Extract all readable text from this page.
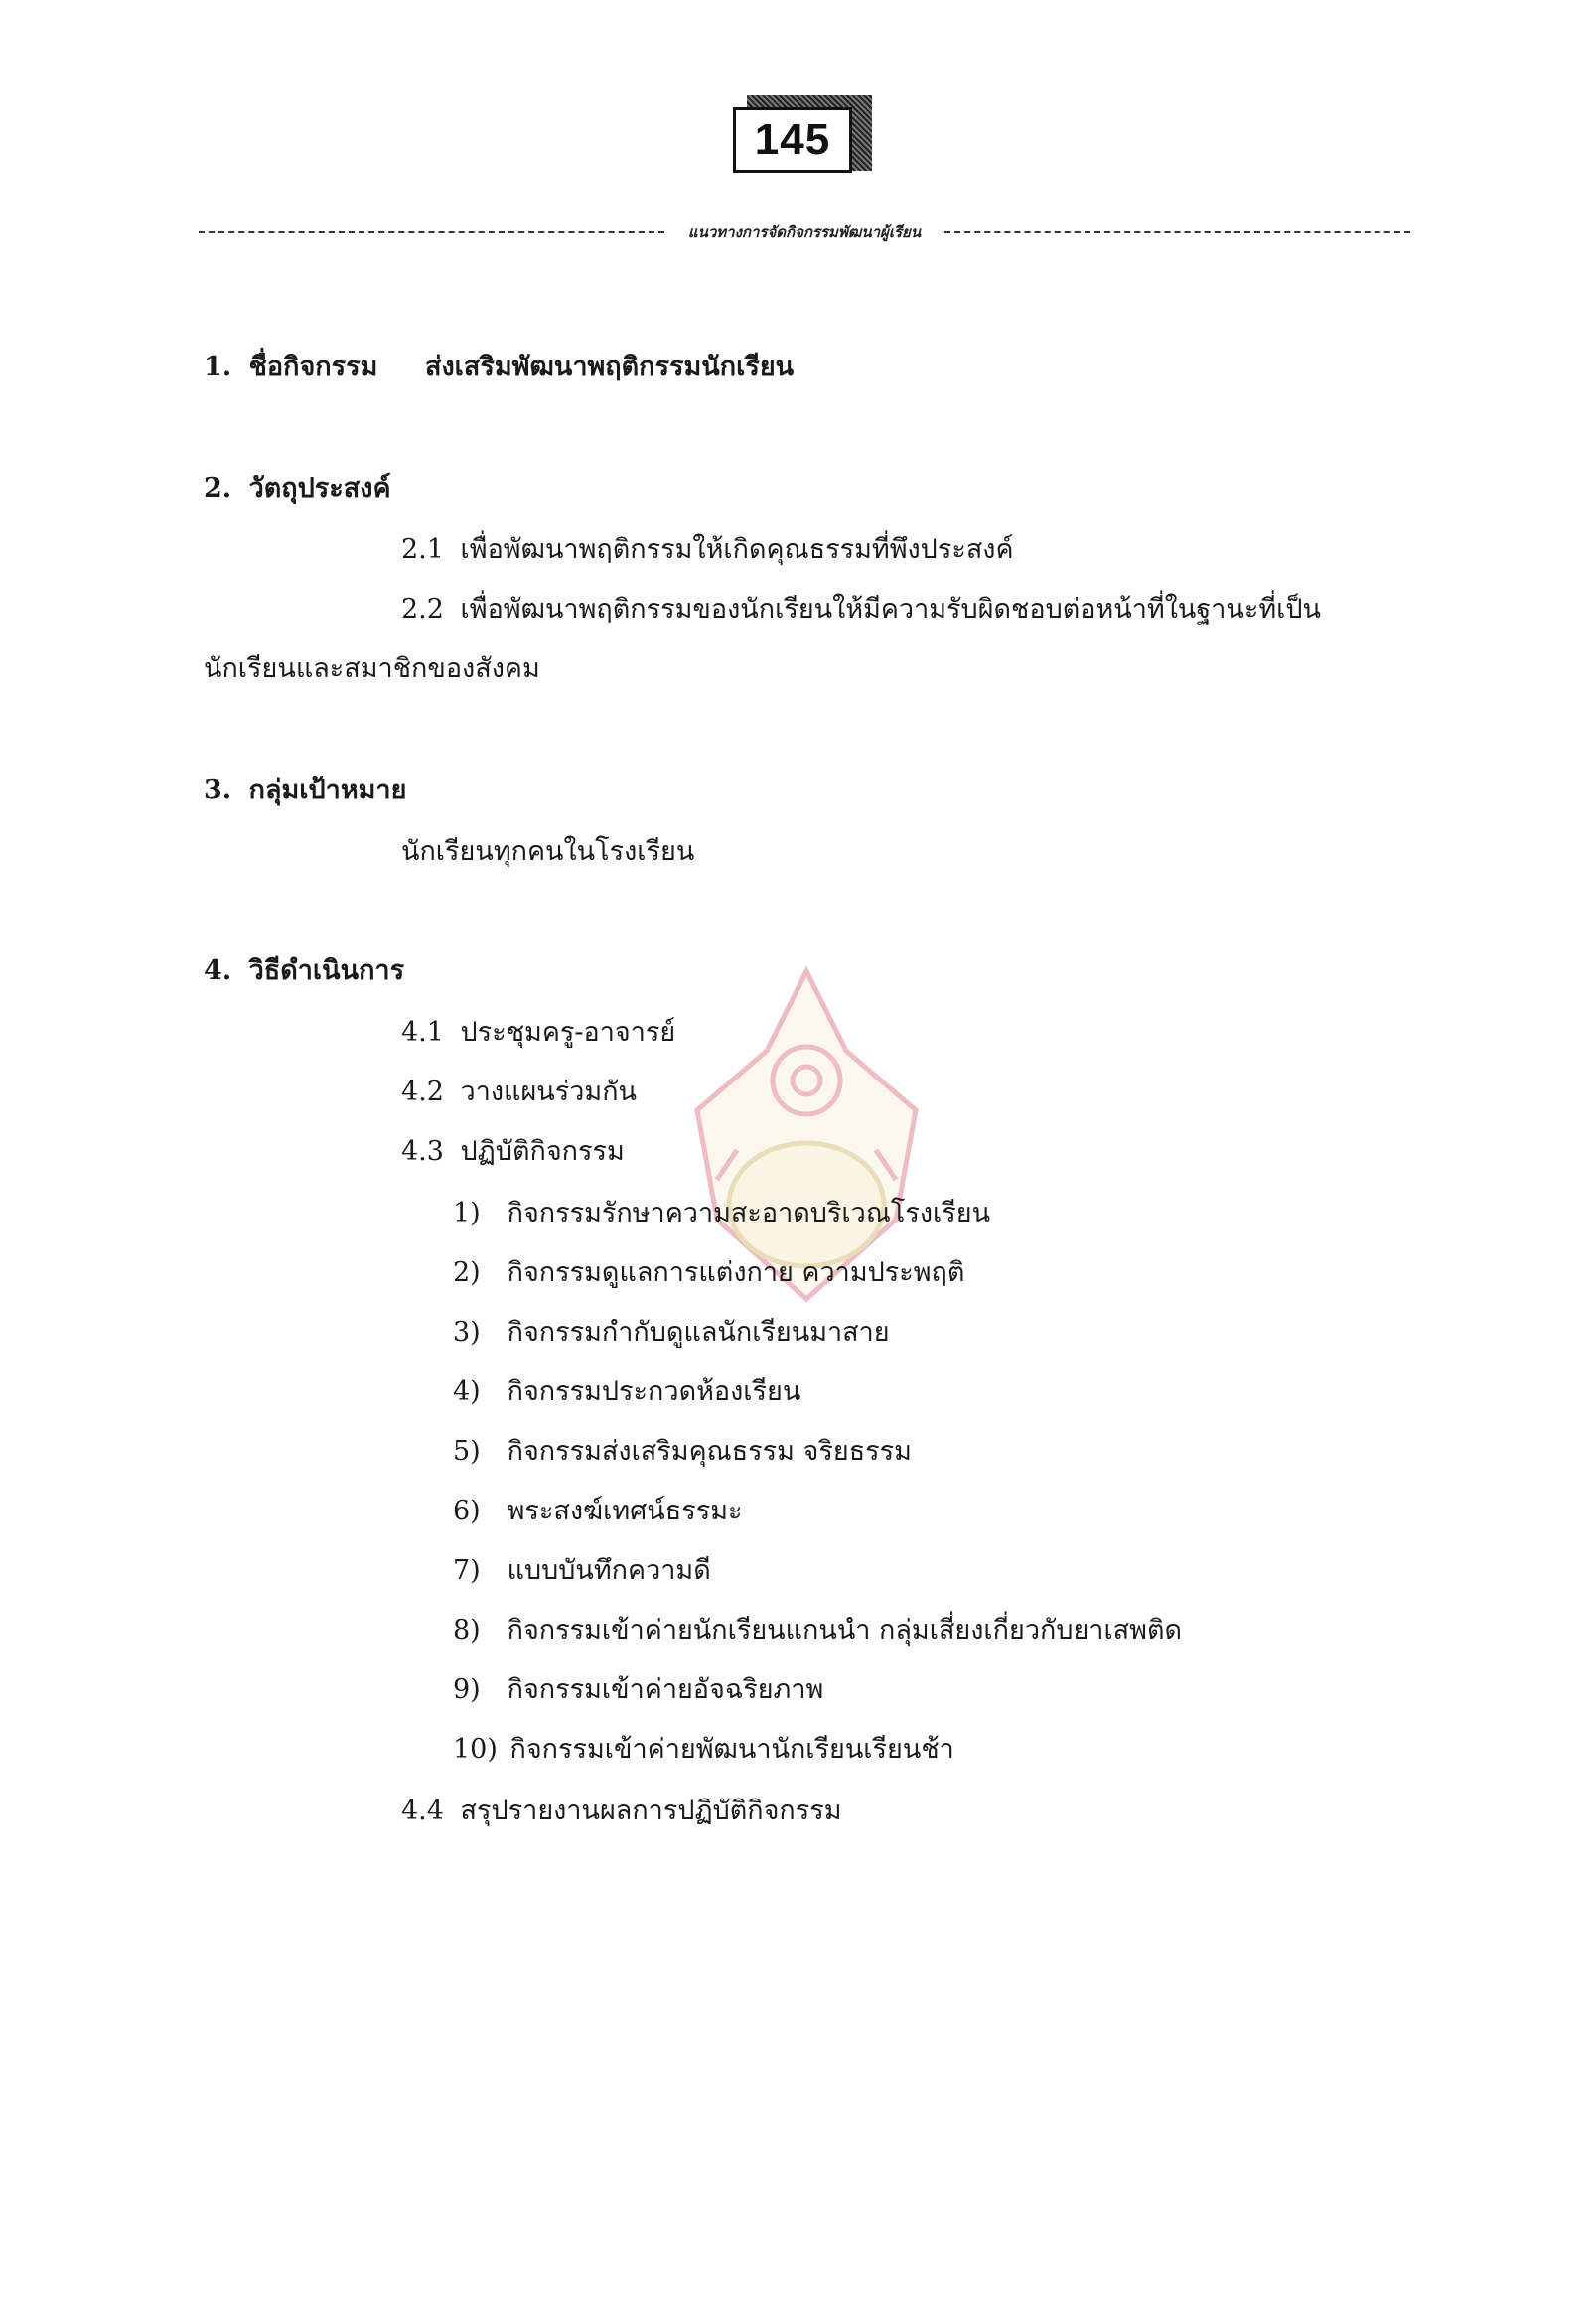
145
แนวทางการจัดกิจกรรมพัฒนาผู้เรียน
1. ชื่อกิจกรรม ส่งเสริมพัฒนาพฤติกรรมนักเรียน
2. วัตถุประสงค์
2.1 เพื่อพัฒนาพฤติกรรมให้เกิดคุณธรรมที่พึงประสงค์
2.2 เพื่อพัฒนาพฤติกรรมของนักเรียนให้มีความรับผิดชอบต่อหน้าที่ในฐานะที่เป็น
นักเรียนและสมาชิกของสังคม
3. กลุ่มเป้าหมาย
นักเรียนทุกคนในโรงเรียน
4. วิธีดำเนินการ
4.1 ประชุมครู-อาจารย์
4.2 วางแผนร่วมกัน
4.3 ปฏิบัติกิจกรรม
1) กิจกรรมรักษาความสะอาดบริเวณโรงเรียน
2) กิจกรรมดูแลการแต่งกาย ความประพฤติ
3) กิจกรรมกำกับดูแลนักเรียนมาสาย
4) กิจกรรมประกวดห้องเรียน
5) กิจกรรมส่งเสริมคุณธรรม จริยธรรม
6) พระสงฆ์เทศน์ธรรมะ
7) แบบบันทึกความดี
8) กิจกรรมเข้าค่ายนักเรียนแกนนำ กลุ่มเสี่ยงเกี่ยวกับยาเสพติด
9) กิจกรรมเข้าค่ายอัจฉริยภาพ
10) กิจกรรมเข้าค่ายพัฒนานักเรียนเรียนช้า
4.4 สรุปรายงานผลการปฏิบัติกิจกรรม
